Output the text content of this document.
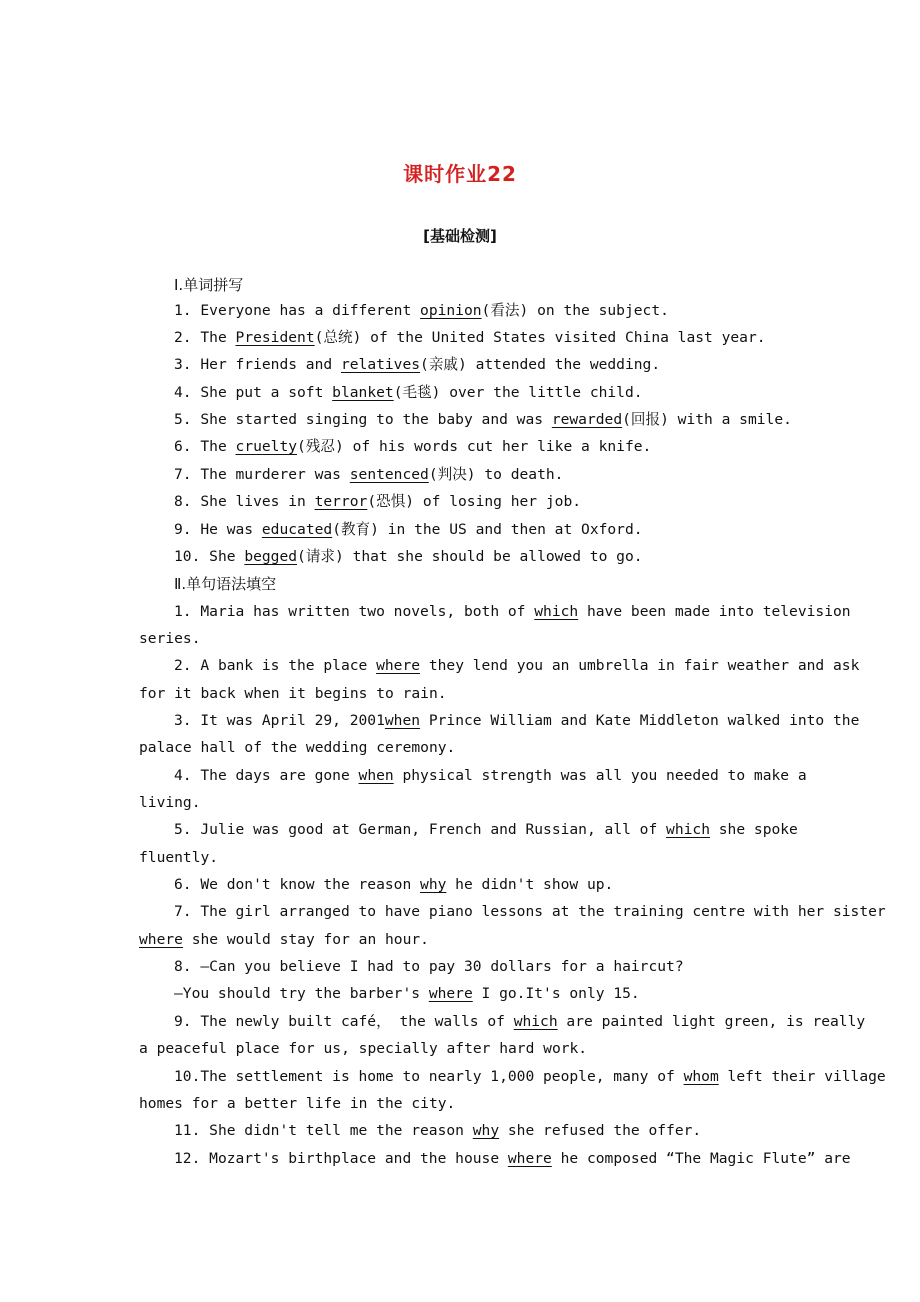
课时作业22
[基础检测]
Ⅰ.单词拼写
1. Everyone has a different opinion(看法) on the subject.
2. The President(总统) of the United States visited China last year.
3. Her friends and relatives(亲戚) attended the wedding.
4. She put a soft blanket(毛毯) over the little child.
5. She started singing to the baby and was rewarded(回报) with a smile.
6. The cruelty(残忍) of his words cut her like a knife.
7. The murderer was sentenced(判决) to death.
8. She lives in terror(恐惧) of losing her job.
9. He was educated(教育) in the US and then at Oxford.
10. She begged(请求) that she should be allowed to go.
Ⅱ.单句语法填空
1. Maria has written two novels, both of which have been made into television
series.
2. A bank is the place where they lend you an umbrella in fair weather and ask
for it back when it begins to rain.
3. It was April 29, 2001when Prince William and Kate Middleton walked into the
palace hall of the wedding ceremony.
4. The days are gone when physical strength was all you needed to make a
living.
5. Julie was good at German, French and Russian, all of which she spoke
fluently.
6. We don't know the reason why he didn't show up.
7. The girl arranged to have piano lessons at the training centre with her sister
where she would stay for an hour.
8. —Can you believe I had to pay 30 dollars for a haircut?
—You should try the barber's where I go.It's only 15.
9. The newly built café， the walls of which are painted light green, is really
a peaceful place for us, specially after hard work.
10.The settlement is home to nearly 1,000 people, many of whom left their village
homes for a better life in the city.
11. She didn't tell me the reason why she refused the offer.
12. Mozart's birthplace and the house where he composed “The Magic Flute” are
